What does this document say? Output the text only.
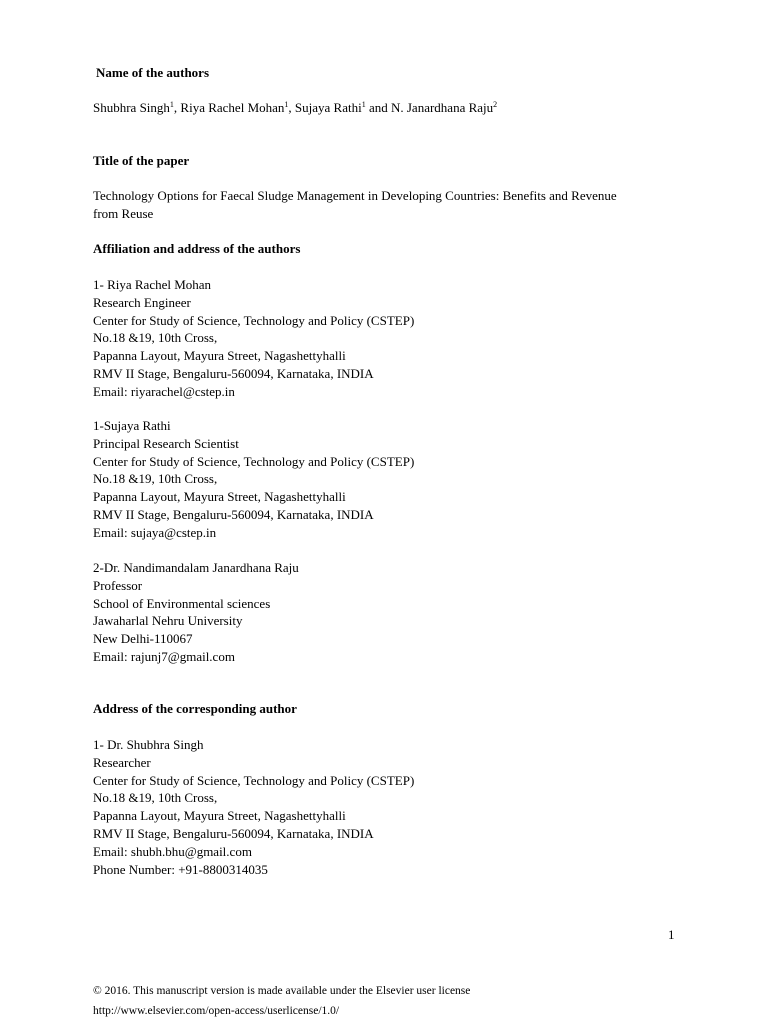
Name of the authors
Shubhra Singh$^1$, Riya Rachel Mohan$^1$, Sujaya Rathi$^1$ and N. Janardhana Raju$^2$
Title of the paper
Technology Options for Faecal Sludge Management in Developing Countries: Benefits and Revenue
from Reuse
Affiliation and address of the authors
1- Riya Rachel Mohan
Research Engineer
Center for Study of Science, Technology and Policy (CSTEP)
No.18 &19, 10th Cross,
Papanna Layout, Mayura Street, Nagashettyhalli
RMV II Stage, Bengaluru-560094, Karnataka, INDIA
Email: riyarachel@cstep.in
1-Sujaya Rathi
Principal Research Scientist
Center for Study of Science, Technology and Policy (CSTEP)
No.18 &19, 10th Cross,
Papanna Layout, Mayura Street, Nagashettyhalli
RMV II Stage, Bengaluru-560094, Karnataka, INDIA
Email: sujaya@cstep.in
2-Dr. Nandimandalam Janardhana Raju
Professor
School of Environmental sciences
Jawaharlal Nehru University
New Delhi-110067
Email: rajunj7@gmail.com
Address of the corresponding author
1- Dr. Shubhra Singh
Researcher
Center for Study of Science, Technology and Policy (CSTEP)
No.18 &19, 10th Cross,
Papanna Layout, Mayura Street, Nagashettyhalli
RMV II Stage, Bengaluru-560094, Karnataka, INDIA
Email: shubh.bhu@gmail.com
Phone Number: +91-8800314035
1
© 2016. This manuscript version is made available under the Elsevier user license
http://www.elsevier.com/open-access/userlicense/1.0/
